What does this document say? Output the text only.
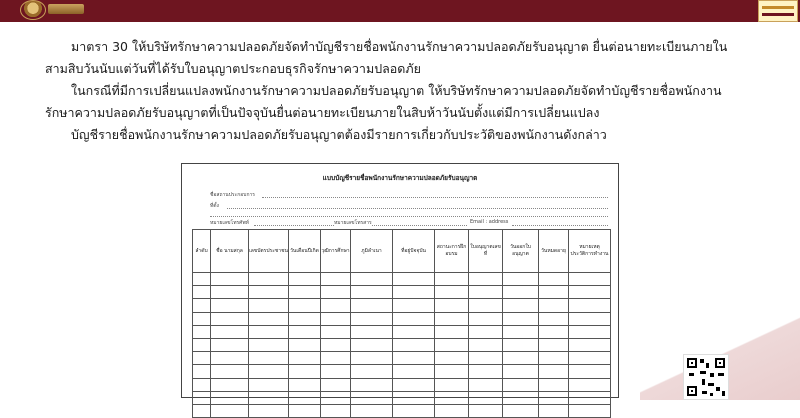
มาตรา 30 ให้บริษัทรักษาความปลอดภัยจัดทำบัญชีรายชื่อพนักงานรักษาความปลอดภัยรับอนุญาต ยื่นต่อนายทะเบียนภายใน
สามสิบวันนับแต่วันที่ได้รับใบอนุญาตประกอบธุรกิจรักษาความปลอดภัย
ในกรณีที่มีการเปลี่ยนแปลงพนักงานรักษาความปลอดภัยรับอนุญาต ให้บริษัทรักษาความปลอดภัยจัดทำบัญชีรายชื่อพนักงาน
รักษาความปลอดภัยรับอนุญาตที่เป็นปัจจุบันยื่นต่อนายทะเบียนภายในสิบห้าวันนับตั้งแต่มีการเปลี่ยนแปลง
บัญชีรายชื่อพนักงานรักษาความปลอดภัยรับอนุญาตต้องมีรายการเกี่ยวกับประวัติของพนักงานดังกล่าว
แบบบัญชีรายชื่อพนักงานรักษาความปลอดภัยรับอนุญาต
ชื่อสถานประกอบการ
ที่ตั้ง
หมายเลขโทรศัพท์	หมายเลขโทรสาร	Email : address
ลำดับ	ชื่อ นามสกุล	เลขบัตรประชาชน	วันเดือนปีเกิด	วุฒิการศึกษา	ภูมิลำเนา	ที่อยู่ปัจจุบัน	สถานะการฝึกอบรม	ใบอนุญาตเลขที่	วันออกใบอนุญาต	วันหมดอายุ	หมายเหตุ ประวัติการทำงาน
